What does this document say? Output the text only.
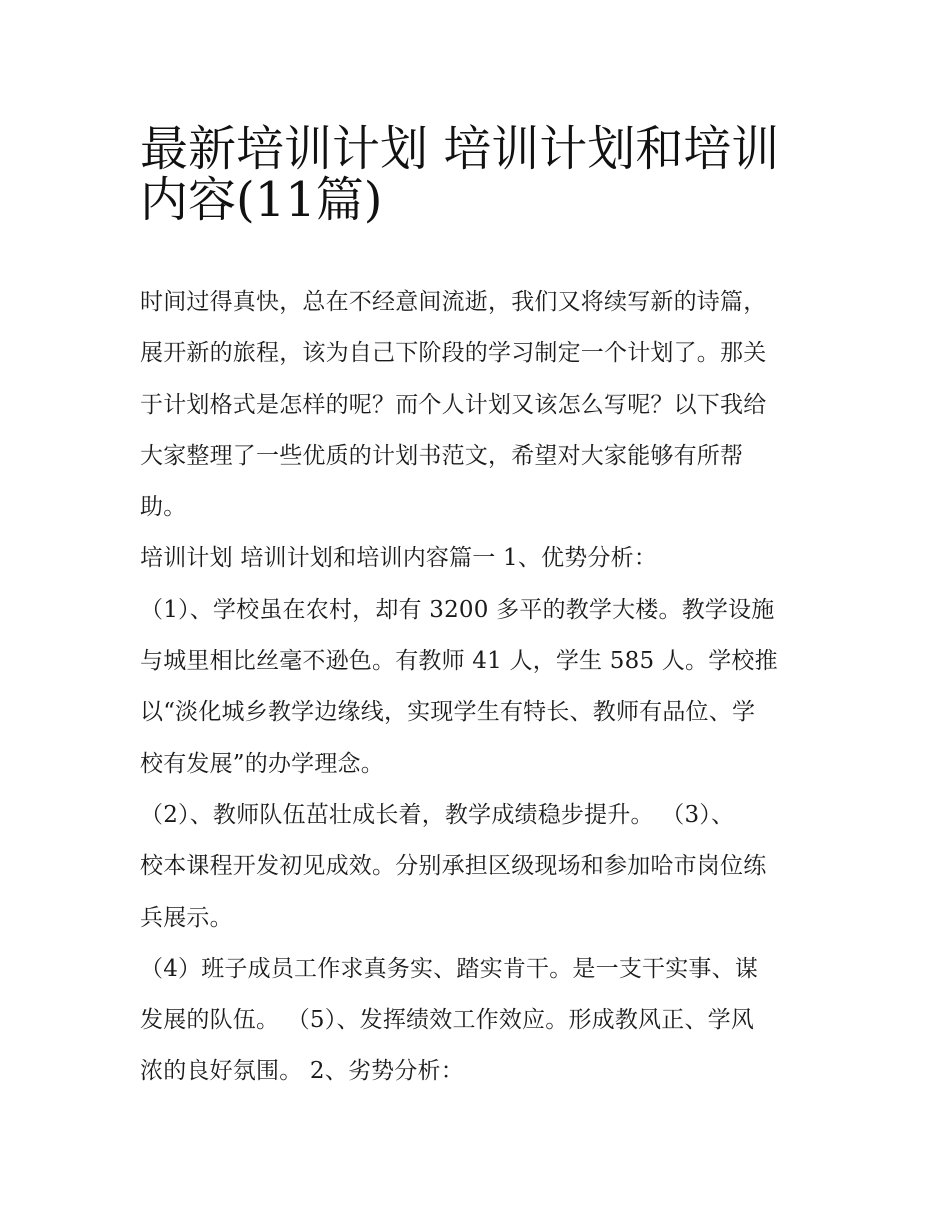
最新培训计划 培训计划和培训
内容(11篇)

时间过得真快，总在不经意间流逝，我们又将续写新的诗篇，
展开新的旅程，该为自己下阶段的学习制定一个计划了。那关
于计划格式是怎样的呢？而个人计划又该怎么写呢？以下我给
大家整理了一些优质的计划书范文，希望对大家能够有所帮
助。

培训计划 培训计划和培训内容篇一 1、优势分析：

（1）、学校虽在农村，却有 3200 多平的教学大楼。教学设施
与城里相比丝毫不逊色。有教师 41 人，学生 585 人。学校推
以“淡化城乡教学边缘线，实现学生有特长、教师有品位、学
校有发展”的办学理念。

（2）、教师队伍茁壮成长着，教学成绩稳步提升。 （3）、
校本课程开发初见成效。分别承担区级现场和参加哈市岗位练
兵展示。

（4）班子成员工作求真务实、踏实肯干。是一支干实事、谋
发展的队伍。 （5）、发挥绩效工作效应。形成教风正、学风
浓的良好氛围。 2、劣势分析：
